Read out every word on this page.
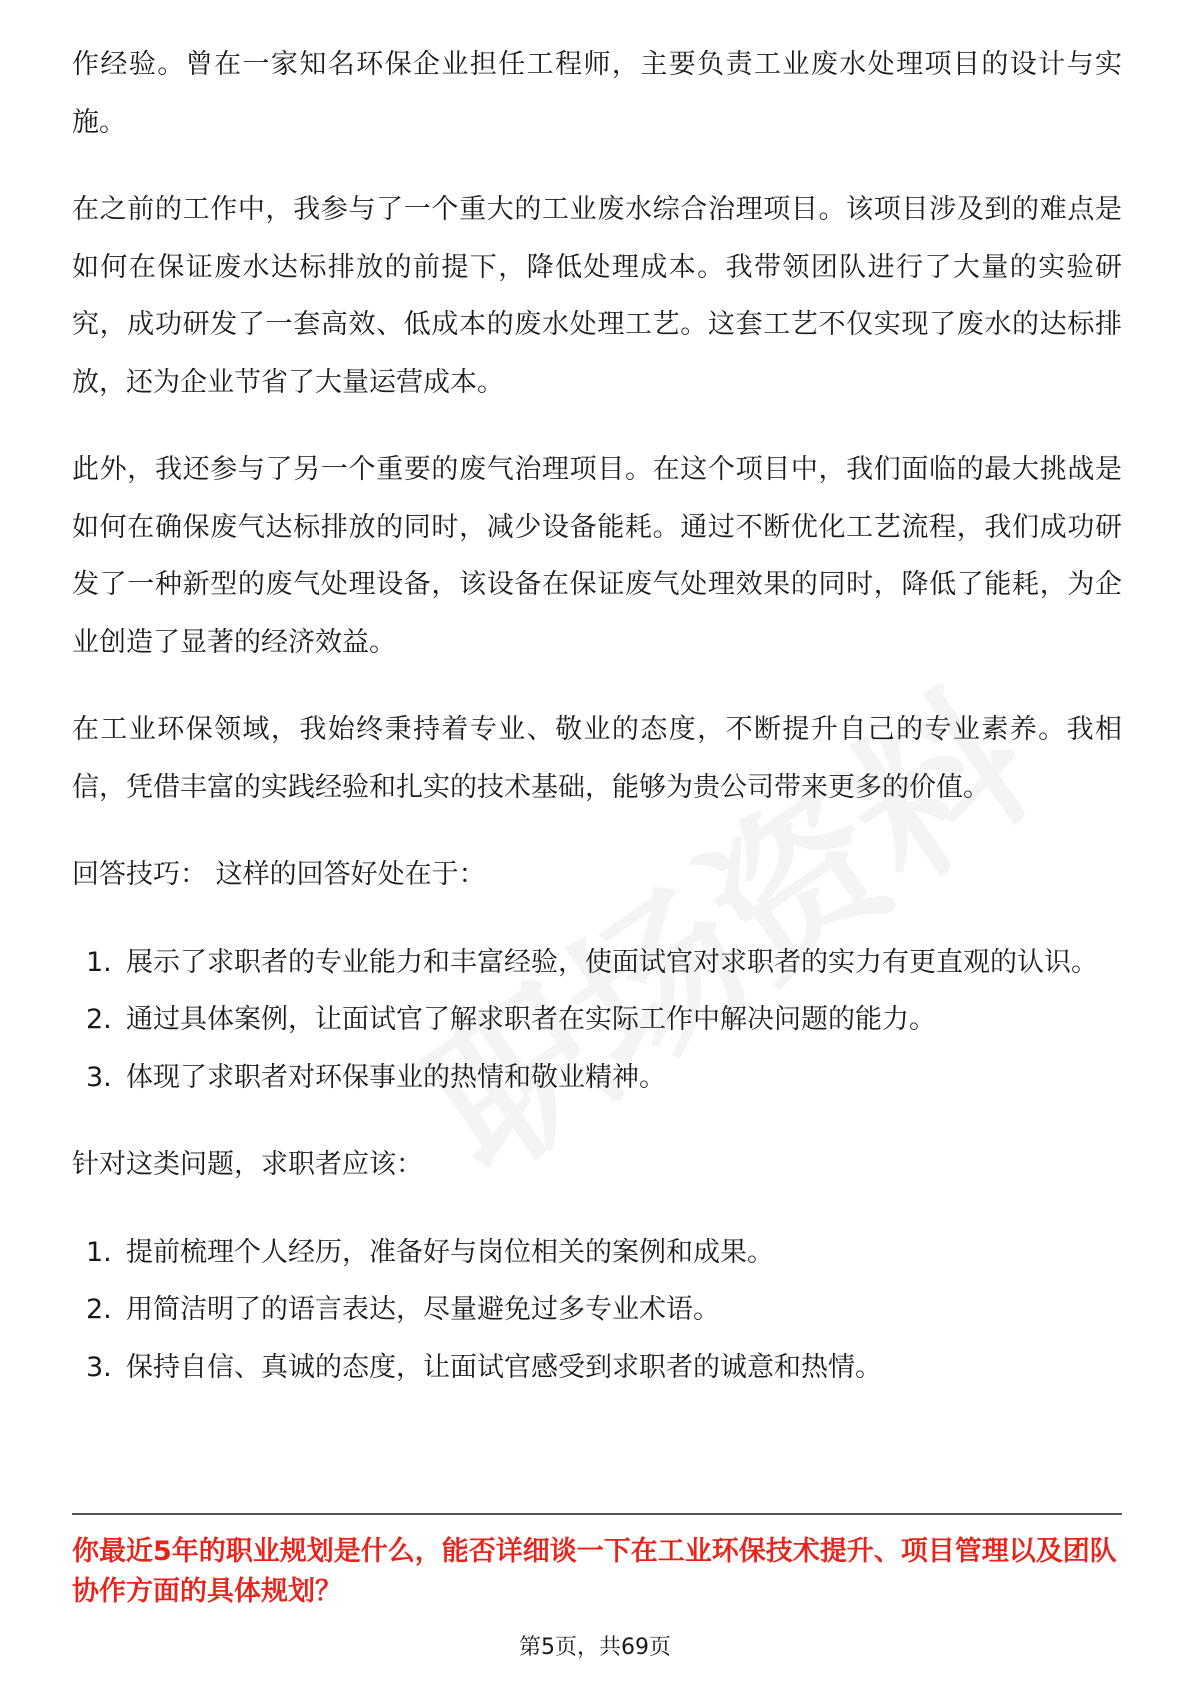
作经验。曾在一家知名环保企业担任工程师，主要负责工业废水处理项目的设计与实施。

在之前的工作中，我参与了一个重大的工业废水综合治理项目。该项目涉及到的难点是如何在保证废水达标排放的前提下，降低处理成本。我带领团队进行了大量的实验研究，成功研发了一套高效、低成本的废水处理工艺。这套工艺不仅实现了废水的达标排放，还为企业节省了大量运营成本。

此外，我还参与了另一个重要的废气治理项目。在这个项目中，我们面临的最大挑战是如何在确保废气达标排放的同时，减少设备能耗。通过不断优化工艺流程，我们成功研发了一种新型的废气处理设备，该设备在保证废气处理效果的同时，降低了能耗，为企业创造了显著的经济效益。

在工业环保领域，我始终秉持着专业、敬业的态度，不断提升自己的专业素养。我相信，凭借丰富的实践经验和扎实的技术基础，能够为贵公司带来更多的价值。

回答技巧： 这样的回答好处在于：

1. 展示了求职者的专业能力和丰富经验，使面试官对求职者的实力有更直观的认识。
2. 通过具体案例，让面试官了解求职者在实际工作中解决问题的能力。
3. 体现了求职者对环保事业的热情和敬业精神。

针对这类问题，求职者应该：

1. 提前梳理个人经历，准备好与岗位相关的案例和成果。
2. 用简洁明了的语言表达，尽量避免过多专业术语。
3. 保持自信、真诚的态度，让面试官感受到求职者的诚意和热情。
你最近5年的职业规划是什么，能否详细谈一下在工业环保技术提升、项目管理以及团队协作方面的具体规划？
第5页，共69页
